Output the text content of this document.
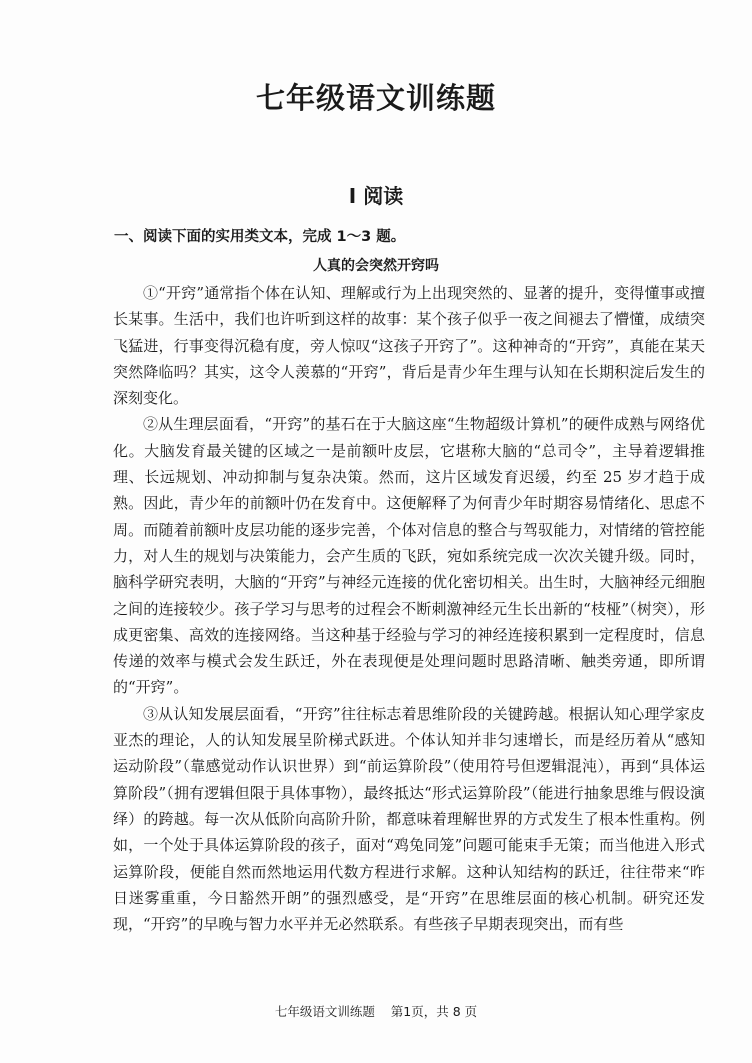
七年级语文训练题
Ⅰ 阅读
一、阅读下面的实用类文本，完成 1～3 题。
人真的会突然开窍吗

①“开窍”通常指个体在认知、理解或行为上出现突然的、显著的提升，变得懂事或擅长某事。生活中，我们也许听到这样的故事：某个孩子似乎一夜之间褪去了懵懂，成绩突飞猛进，行事变得沉稳有度，旁人惊叹“这孩子开窍了”。这种神奇的“开窍”，真能在某天突然降临吗？其实，这令人羡慕的“开窍”，背后是青少年生理与认知在长期积淀后发生的深刻变化。

②从生理层面看，“开窍”的基石在于大脑这座“生物超级计算机”的硬件成熟与网络优化。大脑发育最关键的区域之一是前额叶皮层，它堪称大脑的“总司令”，主导着逻辑推理、长远规划、冲动抑制与复杂决策。然而，这片区域发育迟缓，约至 25 岁才趋于成熟。因此，青少年的前额叶仍在发育中。这便解释了为何青少年时期容易情绪化、思虑不周。而随着前额叶皮层功能的逐步完善，个体对信息的整合与驾驭能力，对情绪的管控能力，对人生的规划与决策能力，会产生质的飞跃，宛如系统完成一次次关键升级。同时，脑科学研究表明，大脑的“开窍”与神经元连接的优化密切相关。出生时，大脑神经元细胞之间的连接较少。孩子学习与思考的过程会不断刺激神经元生长出新的“枝桠”（树突），形成更密集、高效的连接网络。当这种基于经验与学习的神经连接积累到一定程度时，信息传递的效率与模式会发生跃迁，外在表现便是处理问题时思路清晰、触类旁通，即所谓的“开窍”。

③从认知发展层面看，“开窍”往往标志着思维阶段的关键跨越。根据认知心理学家皮亚杰的理论，人的认知发展呈阶梯式跃进。个体认知并非匀速增长，而是经历着从“感知运动阶段”（靠感觉动作认识世界）到“前运算阶段”（使用符号但逻辑混沌），再到“具体运算阶段”（拥有逻辑但限于具体事物），最终抵达“形式运算阶段”（能进行抽象思维与假设演绎）的跨越。每一次从低阶向高阶升阶，都意味着理解世界的方式发生了根本性重构。例如，一个处于具体运算阶段的孩子，面对“鸡兔同笼”问题可能束手无策；而当他进入形式运算阶段，便能自然而然地运用代数方程进行求解。这种认知结构的跃迁，往往带来“昨日迷雾重重，今日豁然开朗”的强烈感受，是“开窍”在思维层面的核心机制。研究还发现，“开窍”的早晚与智力水平并无必然联系。有些孩子早期表现突出，而有些

七年级语文训练题 第1页，共 8 页
